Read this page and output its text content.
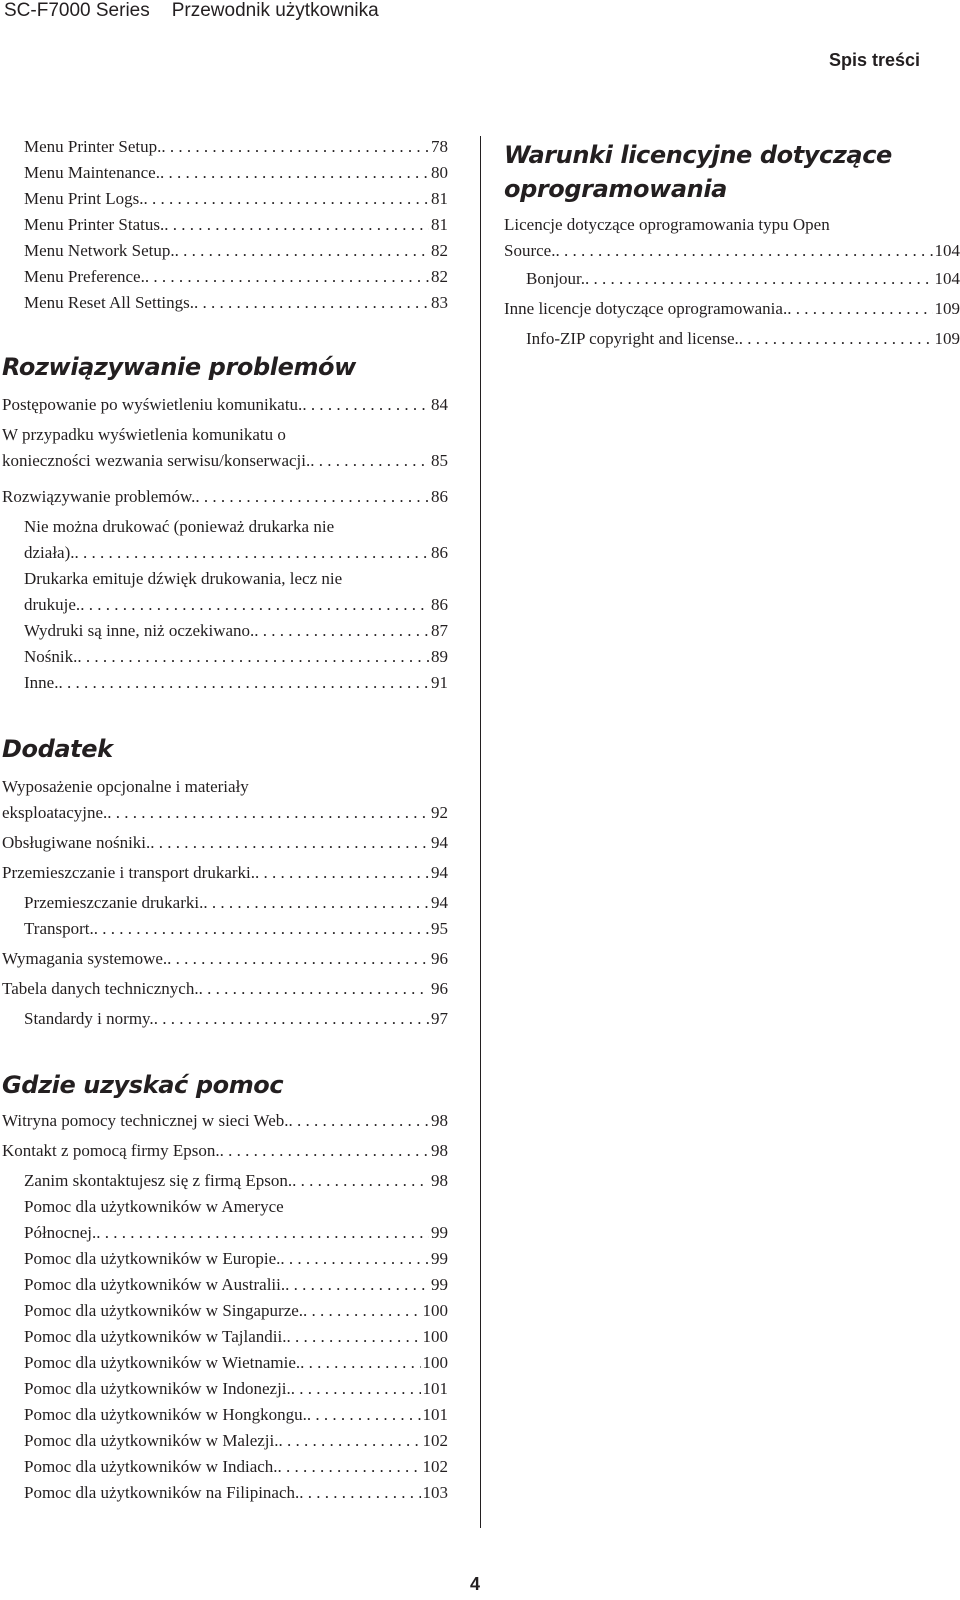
SC-F7000 Series Przewodnik użytkownika
Spis treści
Menu Printer Setup. . . .	78
Menu Maintenance. . . .	80
Menu Print Logs. . . .	81
Menu Printer Status. . . .	81
Menu Network Setup. . . .	82
Menu Preference. . . .	82
Menu Reset All Settings. . . .	83
Rozwiązywanie problemów
Postępowanie po wyświetleniu komunikatu. . . .	84
W przypadku wyświetlenia komunikatu o
konieczności wezwania serwisu/konserwacji. . . .	85
Rozwiązywanie problemów. . . .	86
Nie można drukować (ponieważ drukarka nie
działa). . . .	86
Drukarka emituje dźwięk drukowania, lecz nie
drukuje. . . .	86
Wydruki są inne, niż oczekiwano. . . .	87
Nośnik. . . .	89
Inne. . . .	91
Dodatek
Wyposażenie opcjonalne i materiały
eksploatacyjne. . . .	92
Obsługiwane nośniki. . . .	94
Przemieszczanie i transport drukarki. . . .	94
Przemieszczanie drukarki. . . .	94
Transport. . . .	95
Wymagania systemowe. . . .	96
Tabela danych technicznych. . . .	96
Standardy i normy. . . .	97
Gdzie uzyskać pomoc
Witryna pomocy technicznej w sieci Web. . . .	98
Kontakt z pomocą firmy Epson. . . .	98
Zanim skontaktujesz się z firmą Epson. . . .	98
Pomoc dla użytkowników w Ameryce
Północnej. . . .	99
Pomoc dla użytkowników w Europie. . . .	99
Pomoc dla użytkowników w Australii. . . .	99
Pomoc dla użytkowników w Singapurze. . . .	100
Pomoc dla użytkowników w Tajlandii. . . .	100
Pomoc dla użytkowników w Wietnamie. . . .	100
Pomoc dla użytkowników w Indonezji. . . .	101
Pomoc dla użytkowników w Hongkongu. . . .	101
Pomoc dla użytkowników w Malezji. . . .	102
Pomoc dla użytkowników w Indiach. . . .	102
Pomoc dla użytkowników na Filipinach. . . .	103
Warunki licencyjne dotyczące
oprogramowania
Licencje dotyczące oprogramowania typu Open
Source. . . .	104
Bonjour. . . .	104
Inne licencje dotyczące oprogramowania. . . .	109
Info-ZIP copyright and license. . . .	109
4
